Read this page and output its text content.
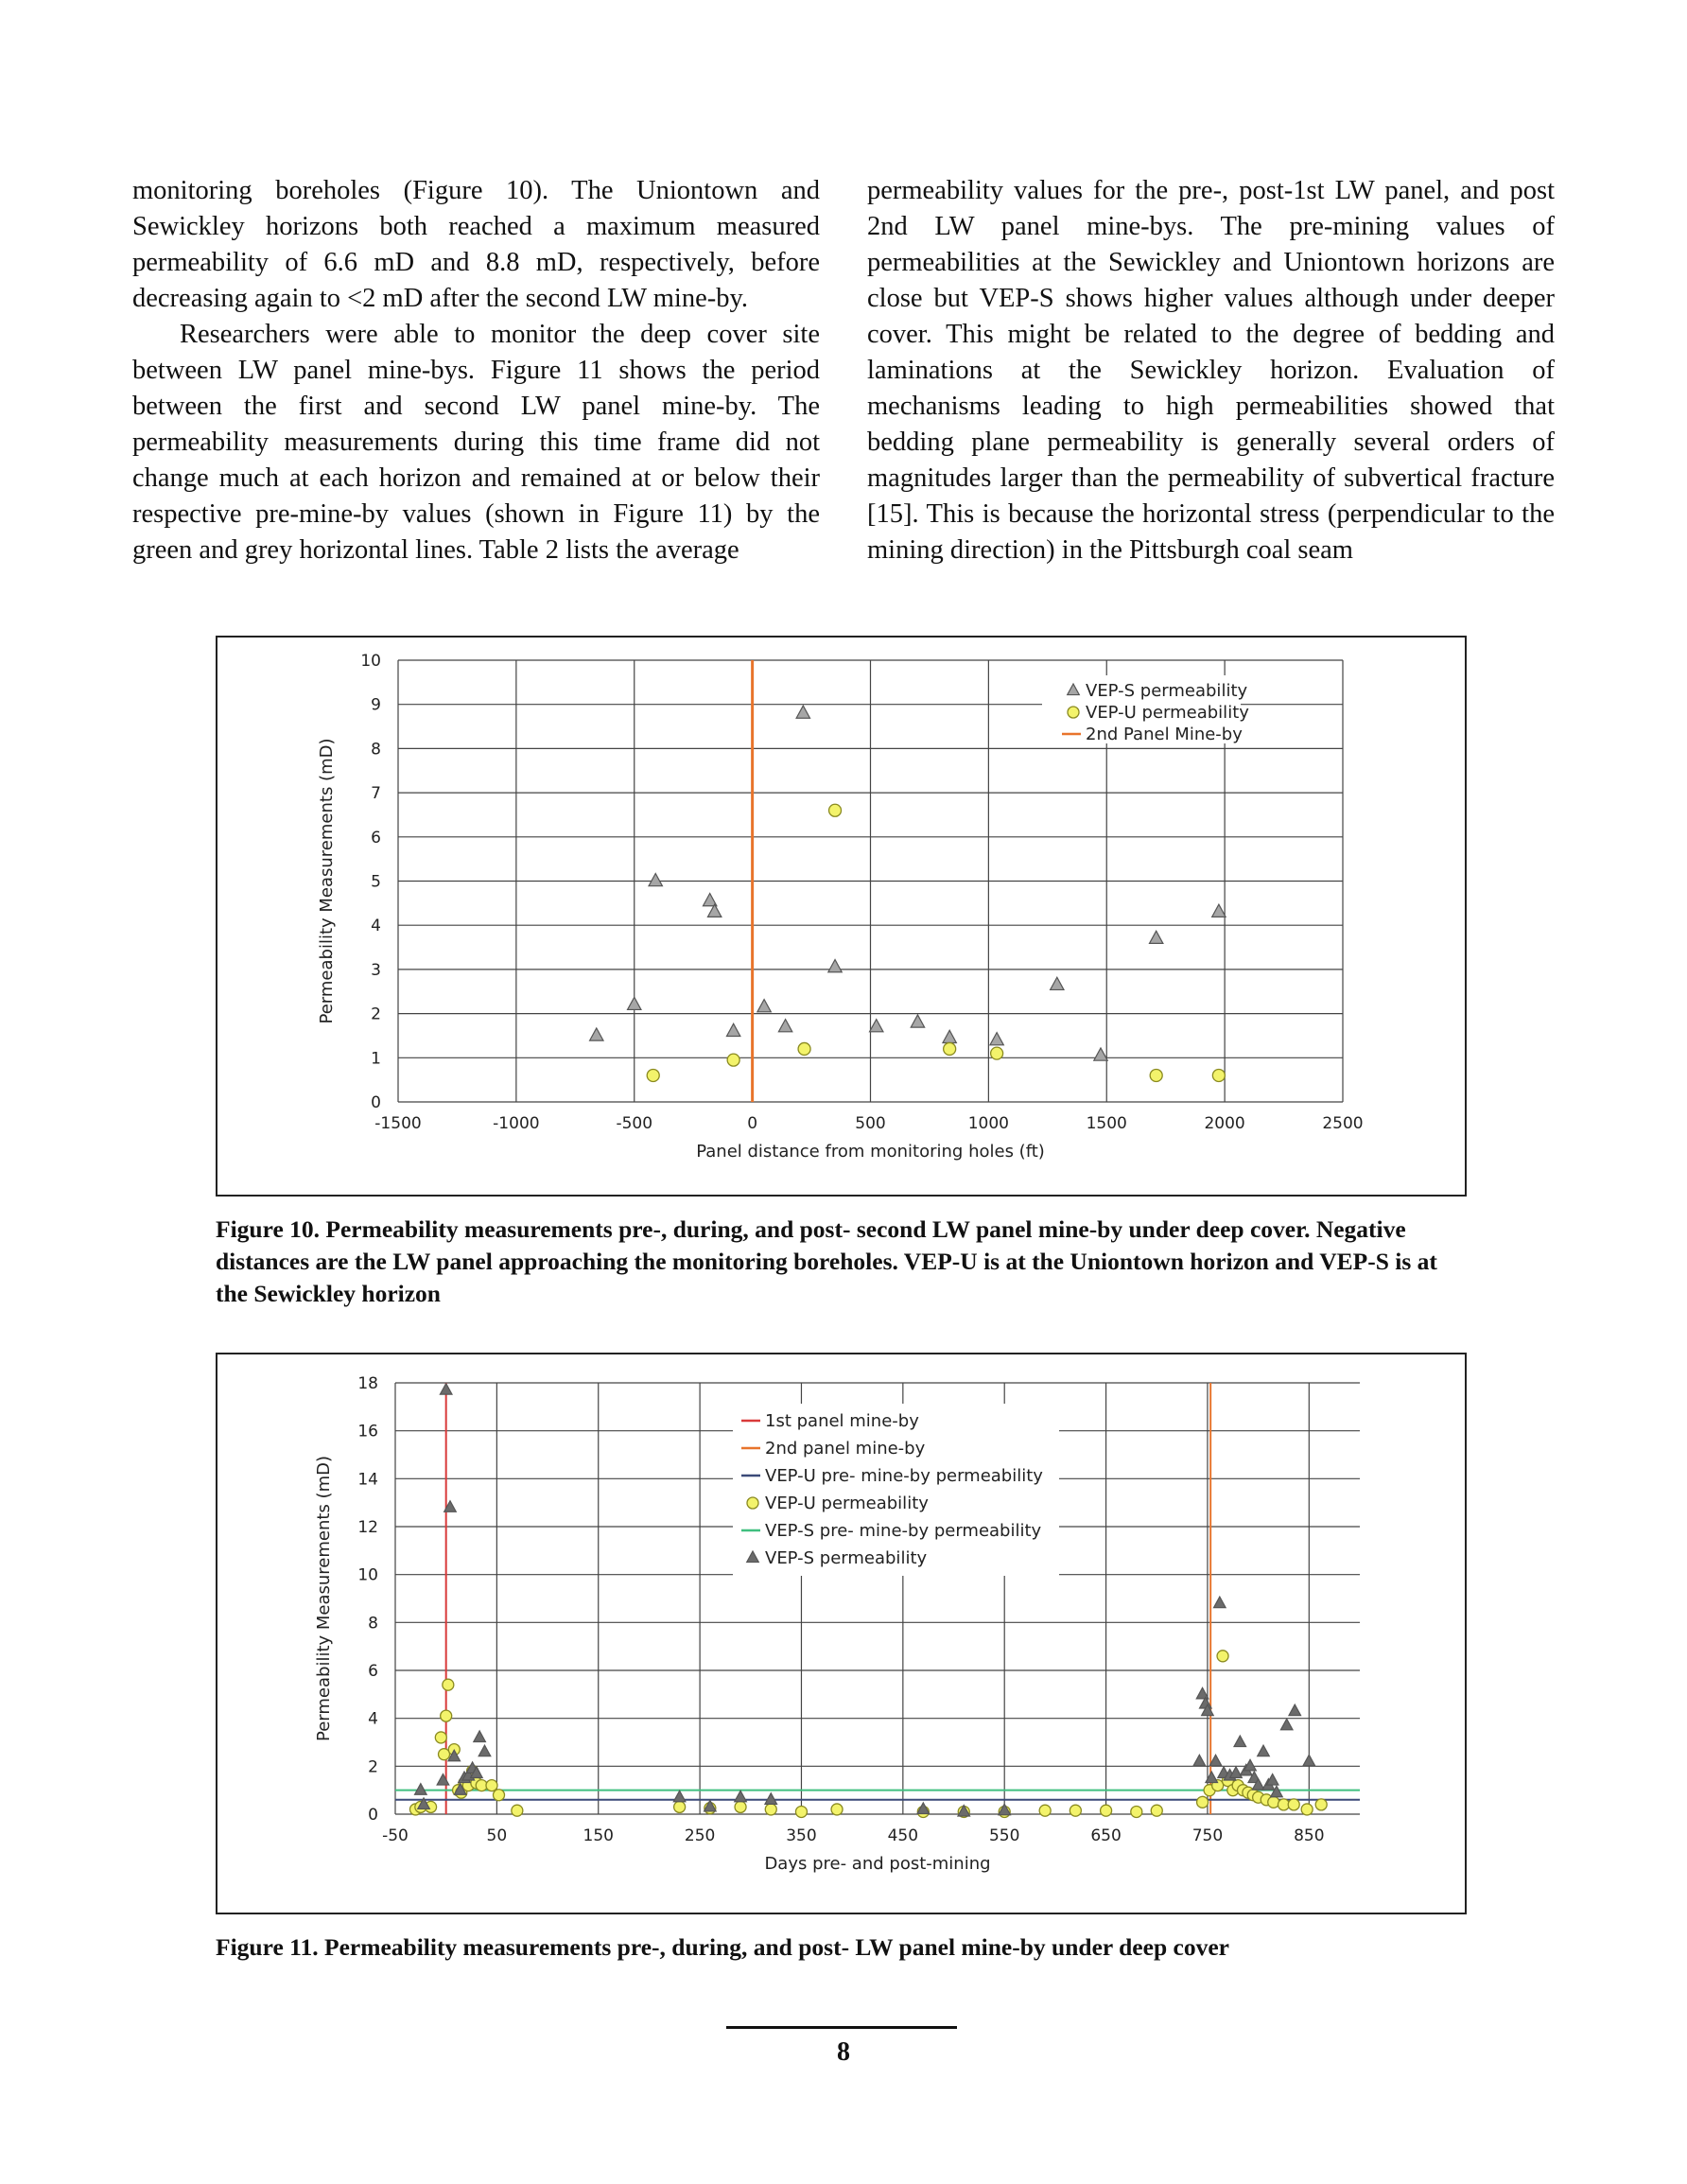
monitoring boreholes (Figure 10). The Uniontown and Sewickley horizons both reached a maximum measured permeability of 6.6 mD and 8.8 mD, respectively, before decreasing again to <2 mD after the second LW mine-by.

Researchers were able to monitor the deep cover site between LW panel mine-bys. Figure 11 shows the period between the first and second LW panel mine-by. The permeability measurements during this time frame did not change much at each horizon and remained at or below their respective pre-mine-by values (shown in Figure 11) by the green and grey horizontal lines. Table 2 lists the average

permeability values for the pre-, post-1st LW panel, and post 2nd LW panel mine-bys. The pre-mining values of permeabilities at the Sewickley and Uniontown horizons are close but VEP-S shows higher values although under deeper cover. This might be related to the degree of bedding and laminations at the Sewickley horizon. Evaluation of mechanisms leading to high permeabilities showed that bedding plane permeability is generally several orders of magnitudes larger than the permeability of subvertical fracture [15]. This is because the horizontal stress (perpendicular to the mining direction) in the Pittsburgh coal seam

-1500	-1000	-500	0	500	1000	1500	2000	2500
0
1
2
3
4
5
6
7
8
9
10
Panel distance from monitoring holes (ft)
Permeability Measurements (mD)
VEP-S permeability
VEP-U permeability
2nd Panel Mine-by
Figure 10. Permeability measurements pre-, during, and post- second LW panel mine-by under deep cover. Negative distances are the LW panel approaching the monitoring boreholes. VEP-U is at the Uniontown horizon and VEP-S is at the Sewickley horizon
-50	50	150	250	350	450	550	650	750	850
0
2
4
6
8
10
12
14
16
18
Days pre- and post-mining
Permeability Measurements (mD)
1st panel mine-by
2nd panel mine-by
VEP-U pre- mine-by permeability
VEP-U permeability
VEP-S pre- mine-by permeability
VEP-S permeability
Figure 11. Permeability measurements pre-, during, and post- LW panel mine-by under deep cover
8
